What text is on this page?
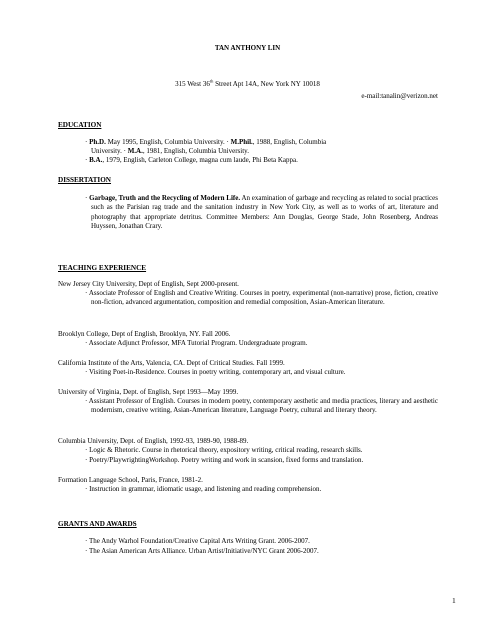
TAN ANTHONY LIN
315 West 36th Street Apt 14A, New York NY 10018
e-mail:tanalin@verizon.net
EDUCATION
· Ph.D. May 1995, English, Columbia University. · M.Phil., 1988, English, Columbia
University. · M.A., 1981, English, Columbia University.
· B.A., 1979, English, Carleton College, magna cum laude, Phi Beta Kappa.
DISSERTATION
· Garbage, Truth and the Recycling of Modern Life. An examination of garbage and recycling as related to social practices such as the Parisian rag trade and the sanitation industry in New York City, as well as to works of art, literature and photography that appropriate detritus. Committee Members: Ann Douglas, George Stade, John Rosenberg, Andreas Huyssen, Jonathan Crary.
TEACHING EXPERIENCE
New Jersey City University, Dept of English, Sept 2000-present.
· Associate Professor of English and Creative Writing. Courses in poetry, experimental (non-narrative) prose, fiction, creative non-fiction, advanced argumentation, composition and remedial composition, Asian-American literature.
Brooklyn College, Dept of English, Brooklyn, NY. Fall 2006.
· Associate Adjunct Professor, MFA Tutorial Program. Undergraduate program.
California Institute of the Arts, Valencia, CA. Dept of Critical Studies. Fall 1999.
· Visiting Poet-in-Residence. Courses in poetry writing, contemporary art, and visual culture.
University of Virginia, Dept. of English, Sept 1993—May 1999.
· Assistant Professor of English. Courses in modern poetry, contemporary aesthetic and media practices, literary and aesthetic modernism, creative writing, Asian-American literature, Language Poetry, cultural and literary theory.
Columbia University, Dept. of English, 1992-93, 1989-90, 1988-89.
· Logic & Rhetoric. Course in rhetorical theory, expository writing, critical reading, research skills.
· Poetry/PlaywrightingWorkshop. Poetry writing and work in scansion, fixed forms and translation.
Formation Language School, Paris, France, 1981-2.
· Instruction in grammar, idiomatic usage, and listening and reading comprehension.
GRANTS AND AWARDS
· The Andy Warhol Foundation/Creative Capital Arts Writing Grant. 2006-2007.
· The Asian American Arts Alliance. Urban Artist/Initiative/NYC Grant 2006-2007.
1
